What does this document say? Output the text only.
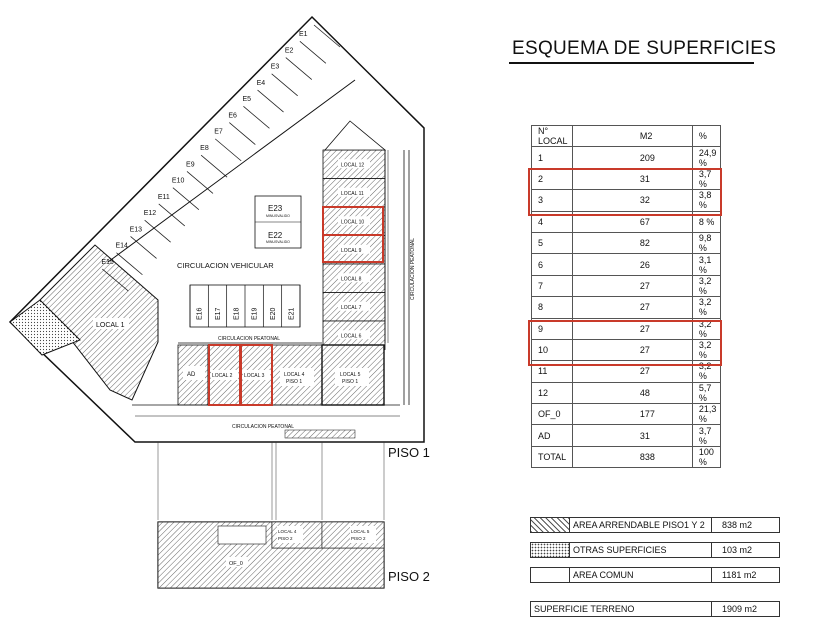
E23
MINUSVALIDO
E22
MINUSVALIDO
CIRCULACION VEHICULAR
E16 E17 E18 E19 E20 E21
CIRCULACION PEATONAL
LOCAL 12
LOCAL 11
LOCAL 10
LOCAL 9
LOCAL 8
LOCAL 7
LOCAL 6
CIRCULACION PEATONAL
AD	LOCAL 2 LOCAL 3	LOCAL 4
PISO 1
LOCAL 5
PISO 1
CIRCULACION PEATONAL
PISO 1
OF_0
LOCAL 4
PISO 2
LOCAL 5
PISO 2
PISO 2
E1
E2
E3
E4
E5
E6
E7
E8
E9
E10
E11
E12
E13
E14
E15
LOCAL 1
ESQUEMA DE SUPERFICIES
N° LOCAL	M2	%
1	209	24,9 %
2	31	3,7 %
3	32	3,8 %
4	67	8 %
5	82	9,8 %
6	26	3,1 %
7	27	3,2 %
8	27	3,2 %
9	27	3,2 %
10	27	3,2 %
11	27	3,2 %
12	48	5,7 %
OF_0	177	21,3 %
AD	31	3,7 %
TOTAL	838	100 %
AREA ARRENDABLE PISO1 Y 2	838 m2
OTRAS SUPERFICIES	103 m2
AREA COMUN	1181 m2
SUPERFICIE TERRENO	1909 m2
